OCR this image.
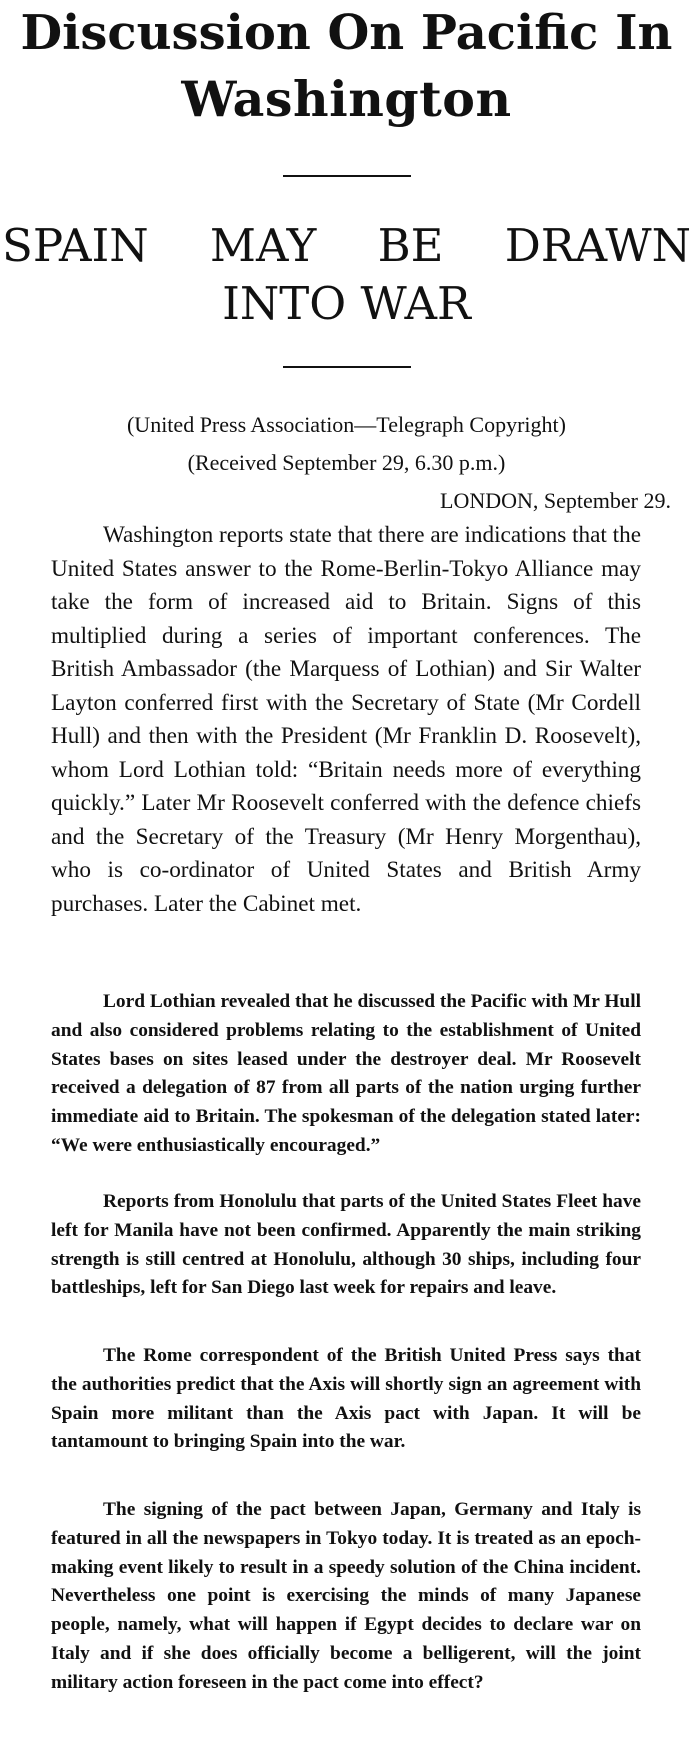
Discussion On Pacific In
Washington
SPAIN MAY BE DRAWN
INTO WAR
(United Press Association—Telegraph Copyright)
(Received September 29, 6.30 p.m.)
LONDON, September 29.

Washington reports state that there are indications that the United States answer to the Rome-Berlin-Tokyo Alliance may take the form of increased aid to Britain. Signs of this multiplied during a series of important conferences. The British Ambassador (the Marquess of Lothian) and Sir Walter Layton conferred first with the Secretary of State (Mr Cordell Hull) and then with the President (Mr Franklin D. Roosevelt), whom Lord Lothian told: “Britain needs more of everything quickly.” Later Mr Roosevelt conferred with the defence chiefs and the Secretary of the Treasury (Mr Henry Morgenthau), who is co-ordinator of United States and British Army purchases. Later the Cabinet met.

Lord Lothian revealed that he discussed the Pacific with Mr Hull and also considered problems relating to the establishment of United States bases on sites leased under the destroyer deal. Mr Roosevelt received a delegation of 87 from all parts of the nation urging further immediate aid to Britain. The spokesman of the delegation stated later: “We were enthusiastically encouraged.”

Reports from Honolulu that parts of the United States Fleet have left for Manila have not been confirmed. Apparently the main striking strength is still centred at Honolulu, although 30 ships, including four battleships, left for San Diego last week for repairs and leave.

The Rome correspondent of the British United Press says that the authorities predict that the Axis will shortly sign an agreement with Spain more militant than the Axis pact with Japan. It will be tantamount to bringing Spain into the war.

The signing of the pact between Japan, Germany and Italy is featured in all the newspapers in Tokyo today. It is treated as an epoch-making event likely to result in a speedy solution of the China incident. Nevertheless one point is exercising the minds of many Japanese people, namely, what will happen if Egypt decides to declare war on Italy and if she does officially become a belligerent, will the joint military action foreseen in the pact come into effect?
